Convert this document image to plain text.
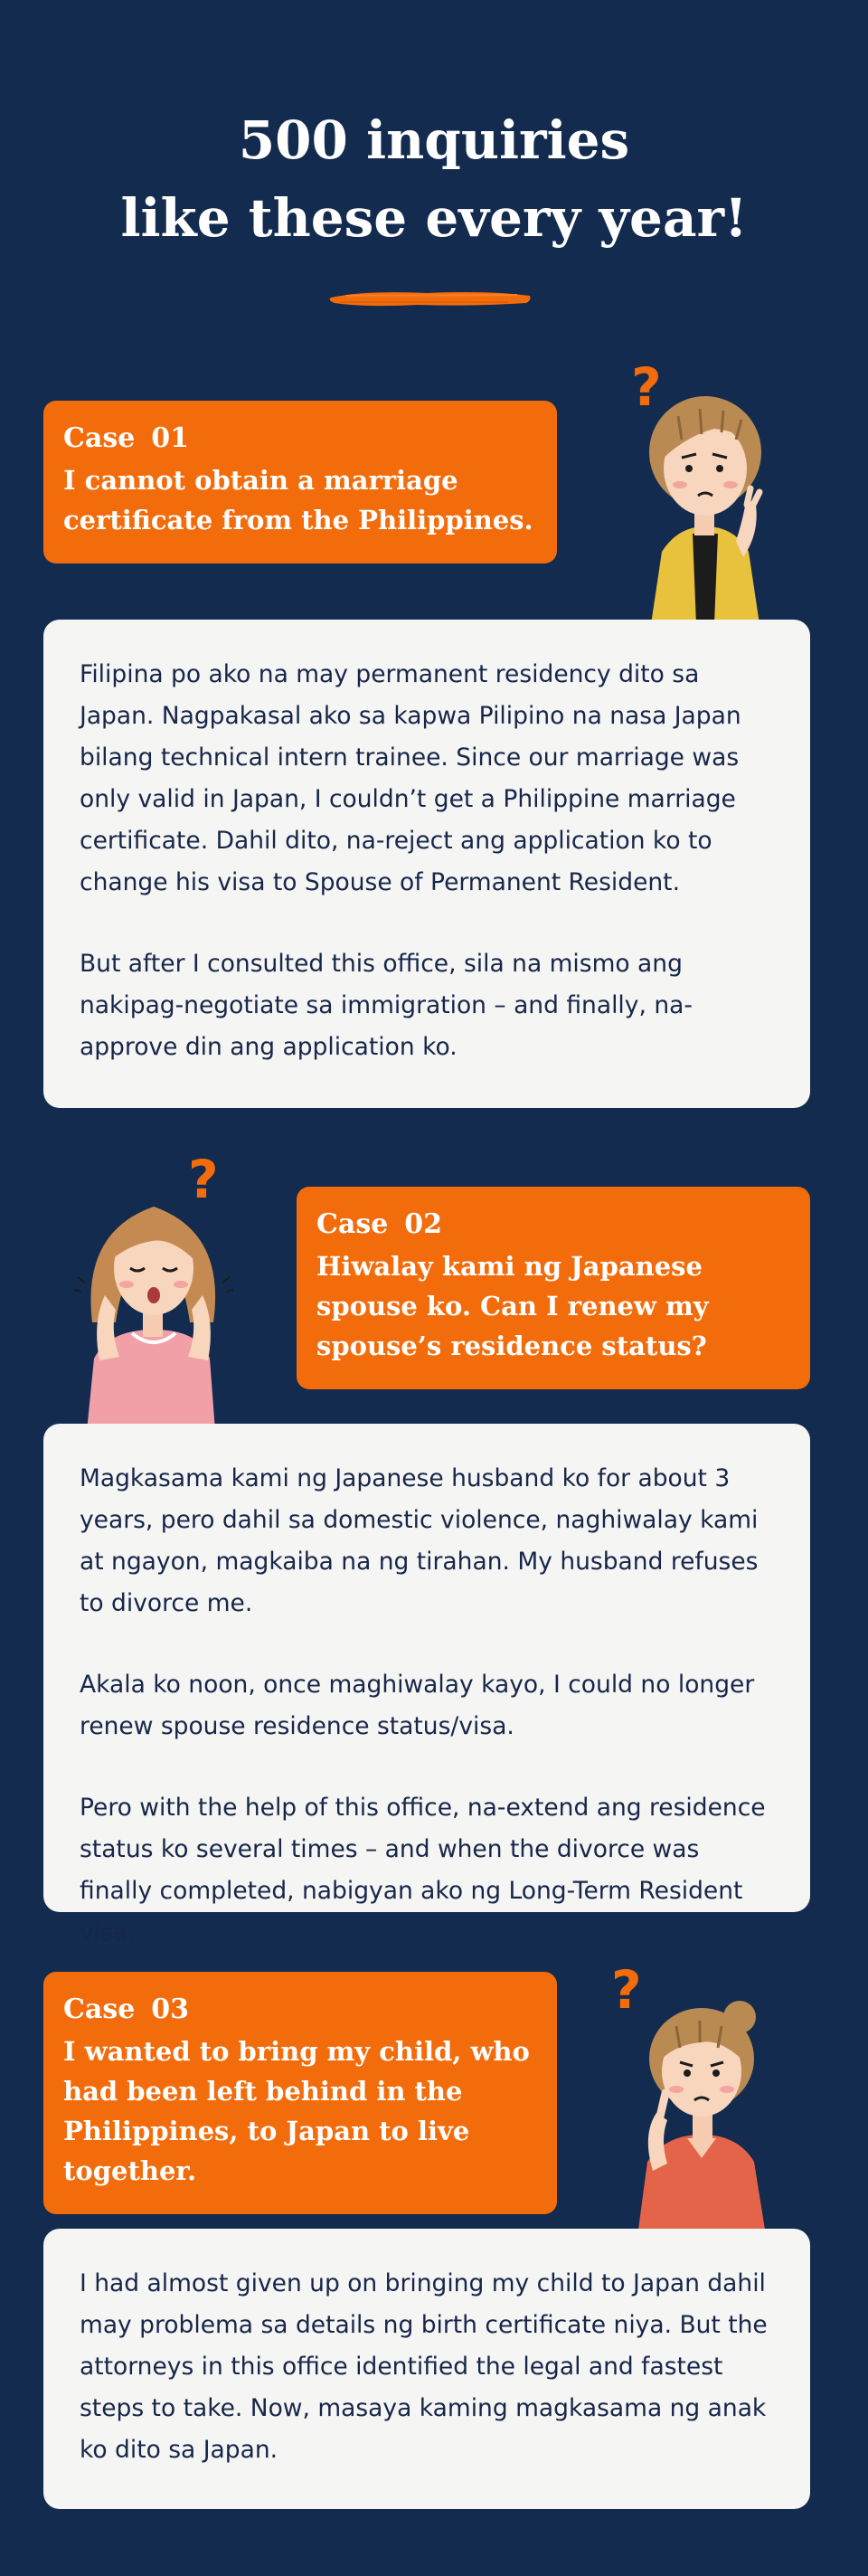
500 inquiries
like these every year!
Case 01
I cannot obtain a marriage
certificate from the Philippines.
?

Filipina po ako na may permanent residency dito sa Japan. Nagpakasal ako sa kapwa Pilipino na nasa Japan bilang technical intern trainee. Since our marriage was only valid in Japan, I couldn’t get a Philippine marriage certificate. Dahil dito, na-reject ang application ko to change his visa to Spouse of Permanent Resident.

But after I consulted this office, sila na mismo ang nakipag-negotiate sa immigration – and finally, na-approve din ang application ko.

?
Case 02
Hiwalay kami ng Japanese
spouse ko. Can I renew my
spouse’s residence status?

Magkasama kami ng Japanese husband ko for about 3 years, pero dahil sa domestic violence, naghiwalay kami at ngayon, magkaiba na ng tirahan. My husband refuses to divorce me.

Akala ko noon, once maghiwalay kayo, I could no longer renew spouse residence status/visa.

Pero with the help of this office, na-extend ang residence status ko several times – and when the divorce was finally completed, nabigyan ako ng Long-Term Resident visa.

Case 03
I wanted to bring my child, who
had been left behind in the
Philippines, to Japan to live
together.
?

I had almost given up on bringing my child to Japan dahil may problema sa details ng birth certificate niya. But the attorneys in this office identified the legal and fastest steps to take. Now, masaya kaming magkasama ng anak ko dito sa Japan.
